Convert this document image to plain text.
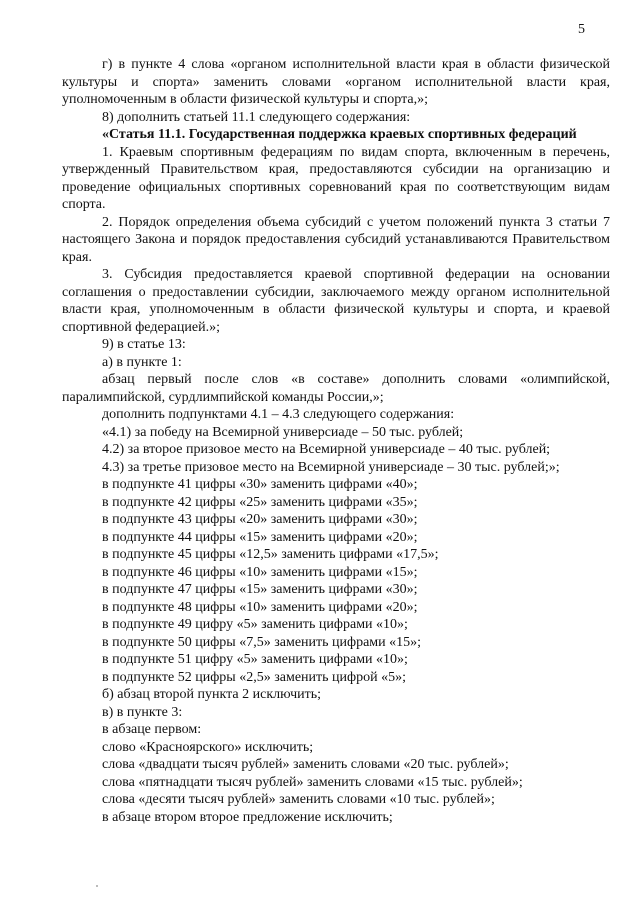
5

г) в пункте 4 слова «органом исполнительной власти края в области физической культуры и спорта» заменить словами «органом исполнительной власти края, уполномоченным в области физической культуры и спорта,»;

8) дополнить статьей 11.1 следующего содержания:

«Статья 11.1. Государственная поддержка краевых спортивных федераций

1. Краевым спортивным федерациям по видам спорта, включенным в перечень, утвержденный Правительством края, предоставляются субсидии на организацию и проведение официальных спортивных соревнований края по соответствующим видам спорта.

2. Порядок определения объема субсидий с учетом положений пункта 3 статьи 7 настоящего Закона и порядок предоставления субсидий устанавливаются Правительством края.

3. Субсидия предоставляется краевой спортивной федерации на основании соглашения о предоставлении субсидии, заключаемого между органом исполнительной власти края, уполномоченным в области физической культуры и спорта, и краевой спортивной федерацией.»;

9) в статье 13:

а) в пункте 1:

абзац первый после слов «в составе» дополнить словами «олимпийской, паралимпийской, сурдлимпийской команды России,»;

дополнить подпунктами 4.1 – 4.3 следующего содержания:

«4.1) за победу на Всемирной универсиаде – 50 тыс. рублей;

4.2) за второе призовое место на Всемирной универсиаде – 40 тыс. рублей;

4.3) за третье призовое место на Всемирной универсиаде – 30 тыс. рублей;»;

в подпункте 41 цифры «30» заменить цифрами «40»;

в подпункте 42 цифры «25» заменить цифрами «35»;

в подпункте 43 цифры «20» заменить цифрами «30»;

в подпункте 44 цифры «15» заменить цифрами «20»;

в подпункте 45 цифры «12,5» заменить цифрами «17,5»;

в подпункте 46 цифры «10» заменить цифрами «15»;

в подпункте 47 цифры «15» заменить цифрами «30»;

в подпункте 48 цифры «10» заменить цифрами «20»;

в подпункте 49 цифру «5» заменить цифрами «10»;

в подпункте 50 цифры «7,5» заменить цифрами «15»;

в подпункте 51 цифру «5» заменить цифрами «10»;

в подпункте 52 цифры «2,5» заменить цифрой «5»;

б) абзац второй пункта 2 исключить;

в) в пункте 3:

в абзаце первом:

слово «Красноярского» исключить;

слова «двадцати тысяч рублей» заменить словами «20 тыс. рублей»;

слова «пятнадцати тысяч рублей» заменить словами «15 тыс. рублей»;

слова «десяти тысяч рублей» заменить словами «10 тыс. рублей»;

в абзаце втором второе предложение исключить;
